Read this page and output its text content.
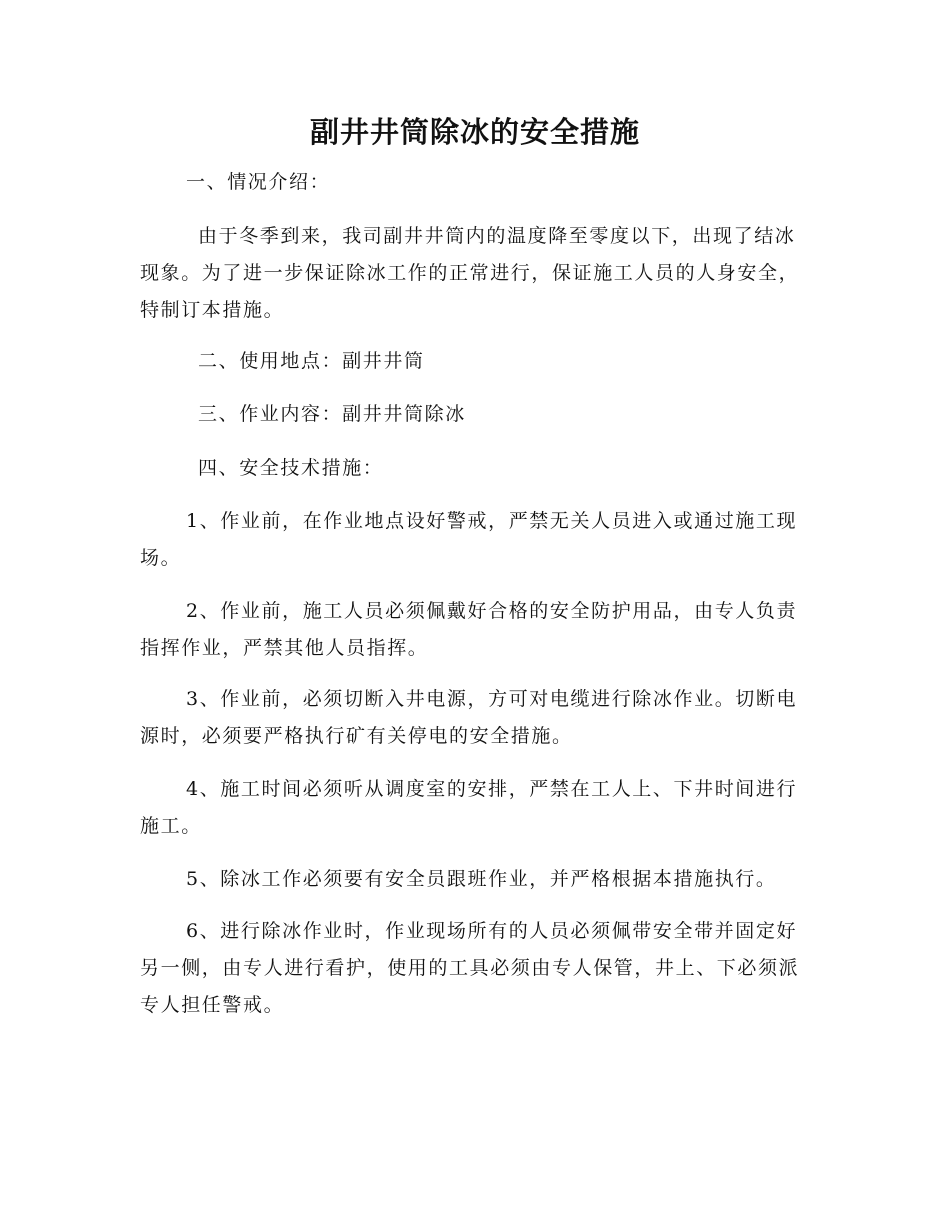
副井井筒除冰的安全措施

一、情况介绍：

由于冬季到来，我司副井井筒内的温度降至零度以下，出现了结冰现象。为了进一步保证除冰工作的正常进行，保证施工人员的人身安全，特制订本措施。

二、使用地点：副井井筒

三、作业内容：副井井筒除冰

四、安全技术措施：

1、作业前，在作业地点设好警戒，严禁无关人员进入或通过施工现场。

2、作业前，施工人员必须佩戴好合格的安全防护用品，由专人负责指挥作业，严禁其他人员指挥。

3、作业前，必须切断入井电源，方可对电缆进行除冰作业。切断电源时，必须要严格执行矿有关停电的安全措施。

4、施工时间必须听从调度室的安排，严禁在工人上、下井时间进行施工。

5、除冰工作必须要有安全员跟班作业，并严格根据本措施执行。

6、进行除冰作业时，作业现场所有的人员必须佩带安全带并固定好另一侧，由专人进行看护，使用的工具必须由专人保管，井上、下必须派专人担任警戒。
